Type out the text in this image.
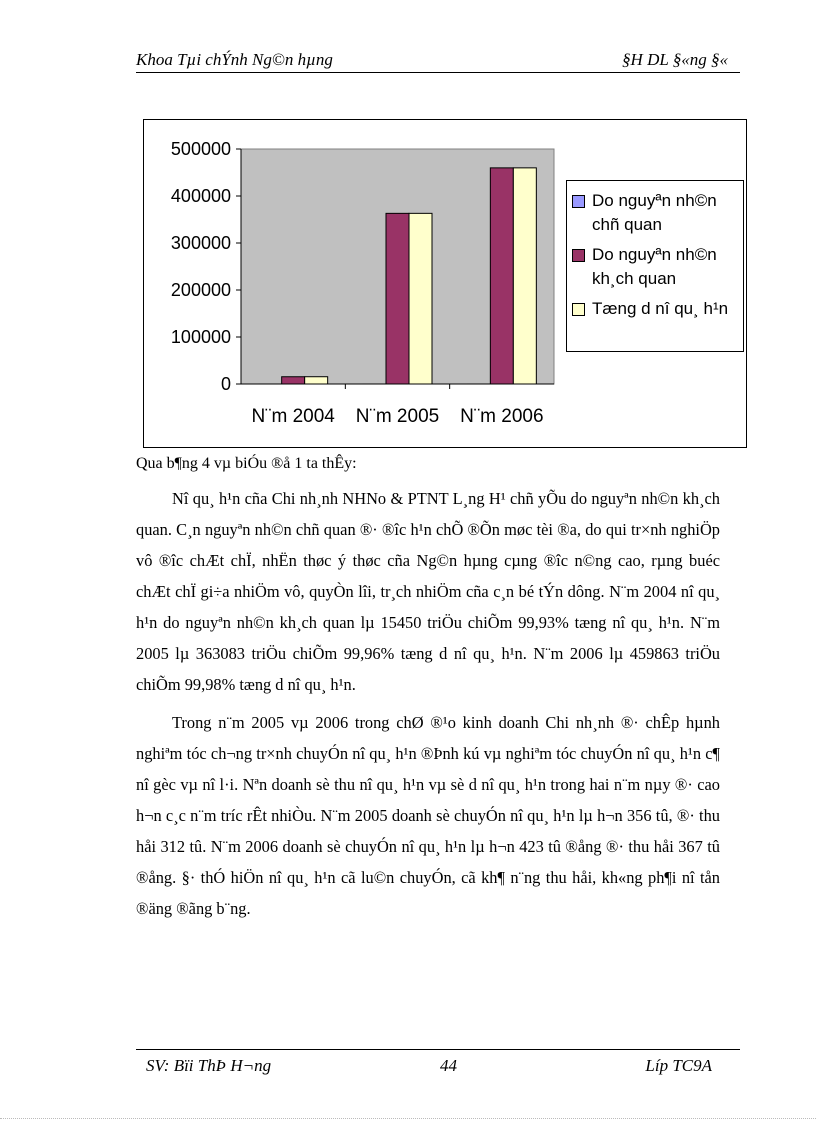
Khoa Tµi chÝnh Ng©n hµng	§H DL §«ng §«
0
100000
200000
300000
400000
500000
N¨m 2004 N¨m 2005 N¨m 2006
Do nguyªn nh©n chñ quan
Do nguyªn nh©n kh¸ch quan
Tæng d nî qu¸ h¹n
Qua b¶ng 4 vµ biÓu ®å 1 ta thÊy:

Nî qu¸ h¹n cña Chi nh¸nh NHNo & PTNT L¸ng H¹ chñ yÕu do nguyªn nh©n kh¸ch quan. C¸n nguyªn nh©n chñ quan ®· ®îc h¹n chÕ ®Õn møc tèi ®a, do qui tr×nh nghiÖp vô ®îc chÆt chÏ, nhËn thøc ý thøc cña Ng©n hµng cµng ®îc n©ng cao, rµng buéc chÆt chÏ gi÷a nhiÖm vô, quyÒn lîi, tr¸ch nhiÖm cña c¸n bé tÝn dông. N¨m 2004 nî qu¸ h¹n do nguyªn nh©n kh¸ch quan lµ 15450 triÖu chiÕm 99,93% tæng nî qu¸ h¹n. N¨m 2005 lµ 363083 triÖu chiÕm 99,96% tæng d nî qu¸ h¹n. N¨m 2006 lµ 459863 triÖu chiÕm 99,98% tæng d nî qu¸ h¹n.

Trong n¨m 2005 vµ 2006 trong chØ ®¹o kinh doanh Chi nh¸nh ®· chÊp hµnh nghiªm tóc ch¬ng tr×nh chuyÓn nî qu¸ h¹n ®Þnh kú vµ nghiªm tóc chuyÓn nî qu¸ h¹n c¶ nî gèc vµ nî l·i. Nªn doanh sè thu nî qu¸ h¹n vµ sè d nî qu¸ h¹n trong hai n¨m nµy ®· cao h¬n c¸c n¨m tríc rÊt nhiÒu. N¨m 2005 doanh sè chuyÓn nî qu¸ h¹n lµ h¬n 356 tû, ®· thu håi 312 tû. N¨m 2006 doanh sè chuyÓn nî qu¸ h¹n lµ h¬n 423 tû ®ång ®· thu håi 367 tû ®ång. §· thÓ hiÖn nî qu¸ h¹n cã lu©n chuyÓn, cã kh¶ n¨ng thu håi, kh«ng ph¶i nî tån ®äng ®ãng b¨ng.

SV: Bïi ThÞ H¬ng	44	Líp TC9A
